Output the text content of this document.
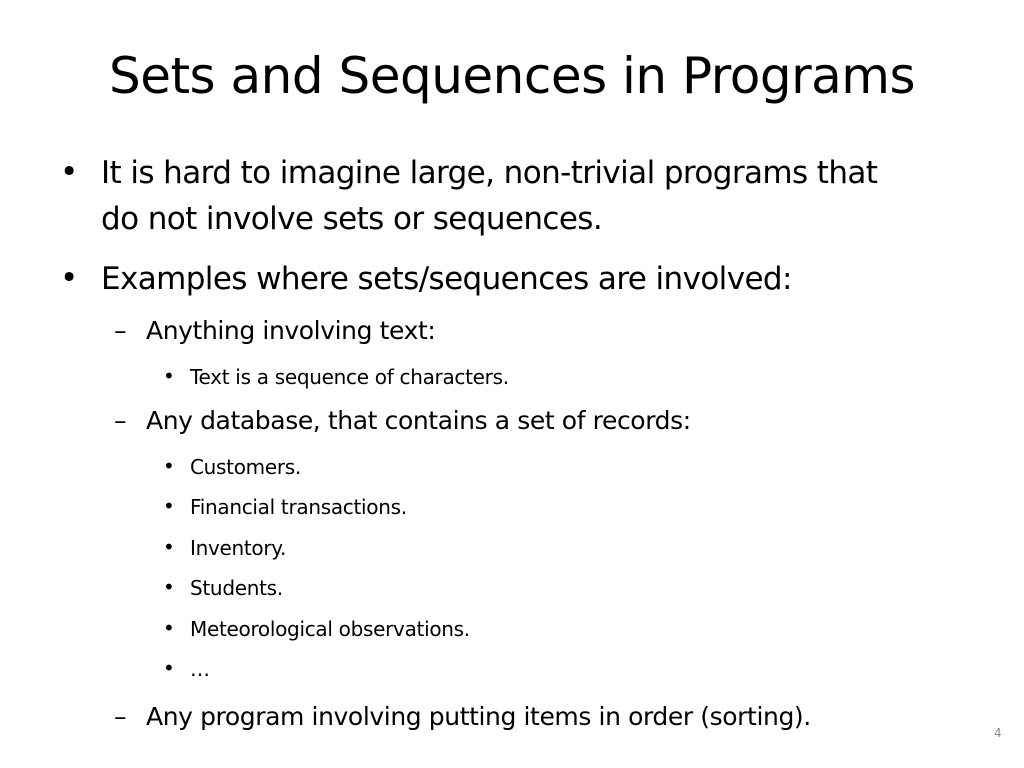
Sets and Sequences in Programs
• It is hard to imagine large, non-trivial programs that
do not involve sets or sequences.
• Examples where sets/sequences are involved:
– Anything involving text:
• Text is a sequence of characters.
– Any database, that contains a set of records:
• Customers.
• Financial transactions.
• Inventory.
• Students.
• Meteorological observations.
• …
– Any program involving putting items in order (sorting).
4
